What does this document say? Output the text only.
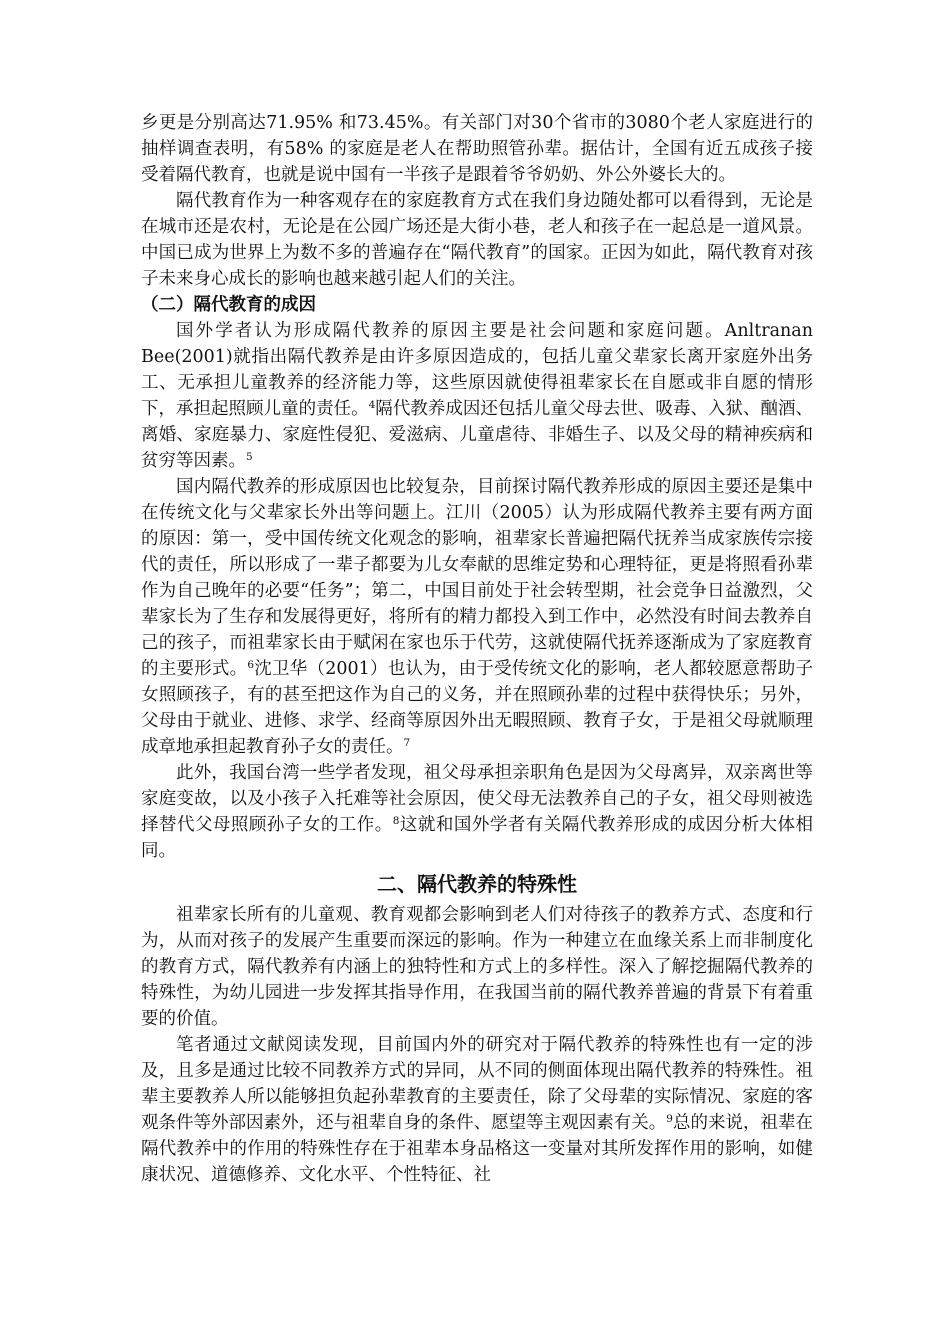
乡更是分别高达71.95% 和73.45%。有关部门对30个省市的3080个老人家庭进行的抽样调查表明，有58% 的家庭是老人在帮助照管孙辈。据估计，全国有近五成孩子接受着隔代教育，也就是说中国有一半孩子是跟着爷爷奶奶、外公外婆长大的。

隔代教育作为一种客观存在的家庭教育方式在我们身边随处都可以看得到，无论是在城市还是农村，无论是在公园广场还是大街小巷，老人和孩子在一起总是一道风景。中国已成为世界上为数不多的普遍存在“隔代教育”的国家。正因为如此，隔代教育对孩子未来身心成长的影响也越来越引起人们的关注。

（二）隔代教育的成因

国外学者认为形成隔代教养的原因主要是社会问题和家庭问题。Anltranan Bee(2001)就指出隔代教养是由许多原因造成的，包括儿童父辈家长离开家庭外出务工、无承担儿童教养的经济能力等，这些原因就使得祖辈家长在自愿或非自愿的情形下，承担起照顾儿童的责任。$^4$隔代教养成因还包括儿童父母去世、吸毒、入狱、酗酒、离婚、家庭暴力、家庭性侵犯、爱滋病、儿童虐待、非婚生子、以及父母的精神疾病和贫穷等因素。$^5$

国内隔代教养的形成原因也比较复杂，目前探讨隔代教养形成的原因主要还是集中在传统文化与父辈家长外出等问题上。江川（2005）认为形成隔代教养主要有两方面的原因：第一，受中国传统文化观念的影响，祖辈家长普遍把隔代抚养当成家族传宗接代的责任，所以形成了一辈子都要为儿女奉献的思维定势和心理特征，更是将照看孙辈作为自己晚年的必要“任务”；第二，中国目前处于社会转型期，社会竞争日益激烈，父辈家长为了生存和发展得更好，将所有的精力都投入到工作中，必然没有时间去教养自己的孩子，而祖辈家长由于赋闲在家也乐于代劳，这就使隔代抚养逐渐成为了家庭教育的主要形式。$^6$沈卫华（2001）也认为，由于受传统文化的影响，老人都较愿意帮助子女照顾孩子，有的甚至把这作为自己的义务，并在照顾孙辈的过程中获得快乐；另外，父母由于就业、进修、求学、经商等原因外出无暇照顾、教育子女，于是祖父母就顺理成章地承担起教育孙子女的责任。$^7$

此外，我国台湾一些学者发现，祖父母承担亲职角色是因为父母离异，双亲离世等家庭变故，以及小孩子入托难等社会原因，使父母无法教养自己的子女，祖父母则被选择替代父母照顾孙子女的工作。$^8$这就和国外学者有关隔代教养形成的成因分析大体相同。

二、隔代教养的特殊性

祖辈家长所有的儿童观、教育观都会影响到老人们对待孩子的教养方式、态度和行为，从而对孩子的发展产生重要而深远的影响。作为一种建立在血缘关系上而非制度化的教育方式，隔代教养有内涵上的独特性和方式上的多样性。深入了解挖掘隔代教养的特殊性，为幼儿园进一步发挥其指导作用，在我国当前的隔代教养普遍的背景下有着重要的价值。

笔者通过文献阅读发现，目前国内外的研究对于隔代教养的特殊性也有一定的涉及，且多是通过比较不同教养方式的异同，从不同的侧面体现出隔代教养的特殊性。祖辈主要教养人所以能够担负起孙辈教育的主要责任，除了父母辈的实际情况、家庭的客观条件等外部因素外，还与祖辈自身的条件、愿望等主观因素有关。$^9$总的来说，祖辈在隔代教养中的作用的特殊性存在于祖辈本身品格这一变量对其所发挥作用的影响，如健康状况、道德修养、文化水平、个性特征、社
